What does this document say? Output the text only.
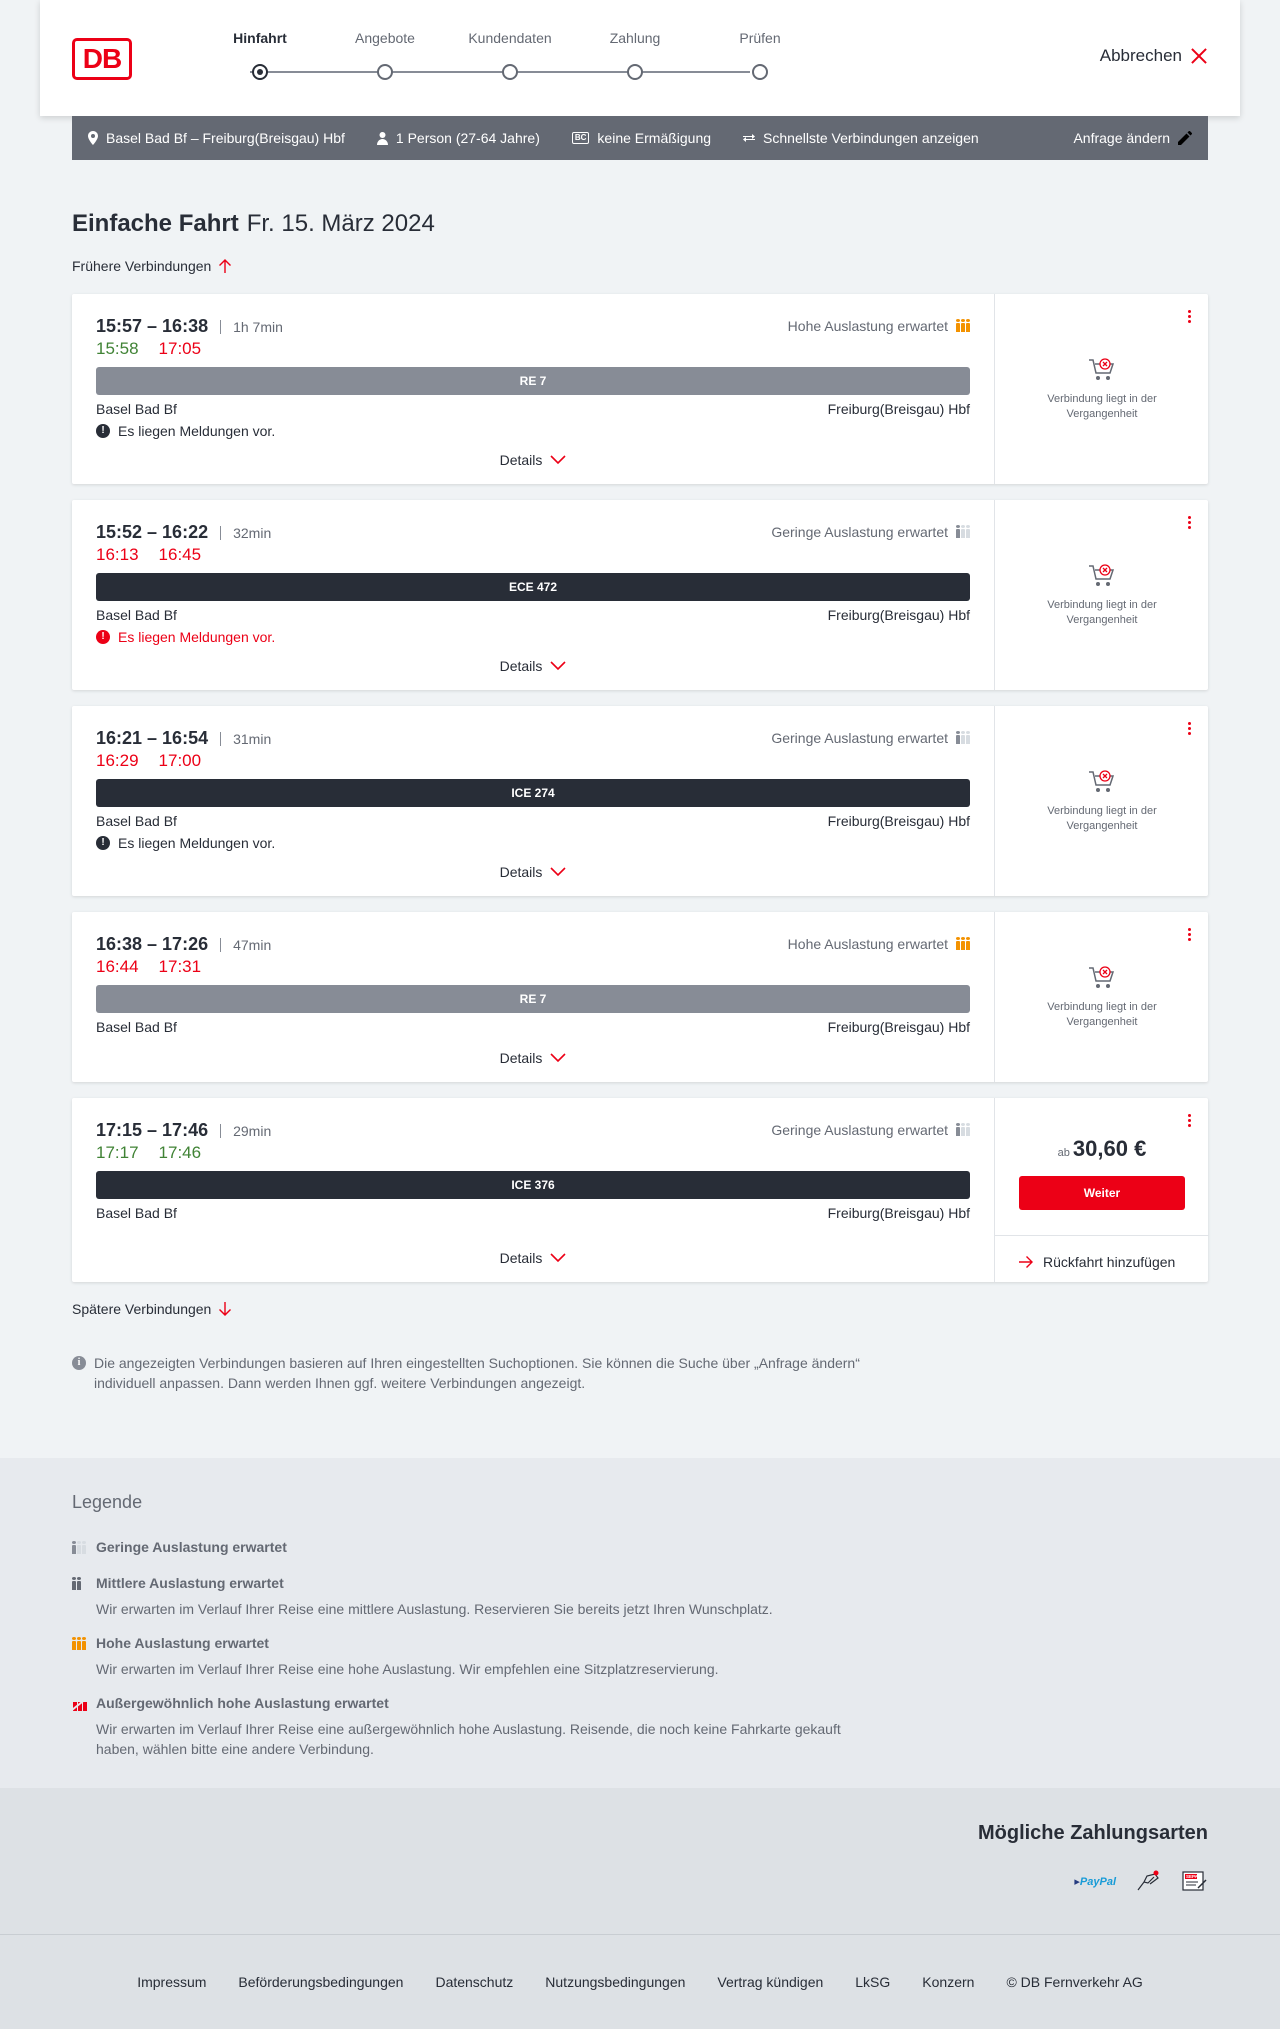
DB
Hinfahrt	Angebote	Kundendaten	Zahlung	Prüfen
Abbrechen
Basel Bad Bf – Freiburg(Breisgau) Hbf	1 Person (27-64 Jahre)	BC keine Ermäßigung	Schnellste Verbindungen anzeigen	Anfrage ändern
Einfache Fahrt Fr. 15. März 2024
Frühere Verbindungen
15:57 – 16:38	1h 7min
15:58 17:05
Hohe Auslastung erwartet
RE 7
Basel Bad Bf	Freiburg(Breisgau) Hbf
! Es liegen Meldungen vor.
Details
Verbindung liegt in der
Vergangenheit
15:52 – 16:22	32min
16:13 16:45
Geringe Auslastung erwartet
ECE 472
Basel Bad Bf	Freiburg(Breisgau) Hbf
! Es liegen Meldungen vor.
Details
Verbindung liegt in der
Vergangenheit
16:21 – 16:54	31min
16:29 17:00
Geringe Auslastung erwartet
ICE 274
Basel Bad Bf	Freiburg(Breisgau) Hbf
! Es liegen Meldungen vor.
Details
Verbindung liegt in der
Vergangenheit
16:38 – 17:26	47min
16:44 17:31
Hohe Auslastung erwartet
RE 7
Basel Bad Bf	Freiburg(Breisgau) Hbf
Details
Verbindung liegt in der
Vergangenheit
17:15 – 17:46	29min
17:17 17:46
Geringe Auslastung erwartet
ICE 376
Basel Bad Bf	Freiburg(Breisgau) Hbf
Details
ab 30,60 €
Weiter
Rückfahrt hinzufügen
Spätere Verbindungen
i Die angezeigten Verbindungen basieren auf Ihren eingestellten Suchoptionen. Sie können die Suche über „Anfrage ändern“ individuell anpassen. Dann werden Ihnen ggf. weitere Verbindungen angezeigt.
Legende
Geringe Auslastung erwartet
Mittlere Auslastung erwartet
Wir erwarten im Verlauf Ihrer Reise eine mittlere Auslastung. Reservieren Sie bereits jetzt Ihren Wunschplatz.
Hohe Auslastung erwartet
Wir erwarten im Verlauf Ihrer Reise eine hohe Auslastung. Wir empfehlen eine Sitzplatzreservierung.
Außergewöhnlich hohe Auslastung erwartet
Wir erwarten im Verlauf Ihrer Reise eine außergewöhnlich hohe Auslastung. Reisende, die noch keine Fahrkarte gekauft haben, wählen bitte eine andere Verbindung.
Mögliche Zahlungsarten
▸PayPal	SEPA
Impressum Beförderungsbedingungen Datenschutz Nutzungsbedingungen Vertrag kündigen LkSG Konzern © DB Fernverkehr AG
